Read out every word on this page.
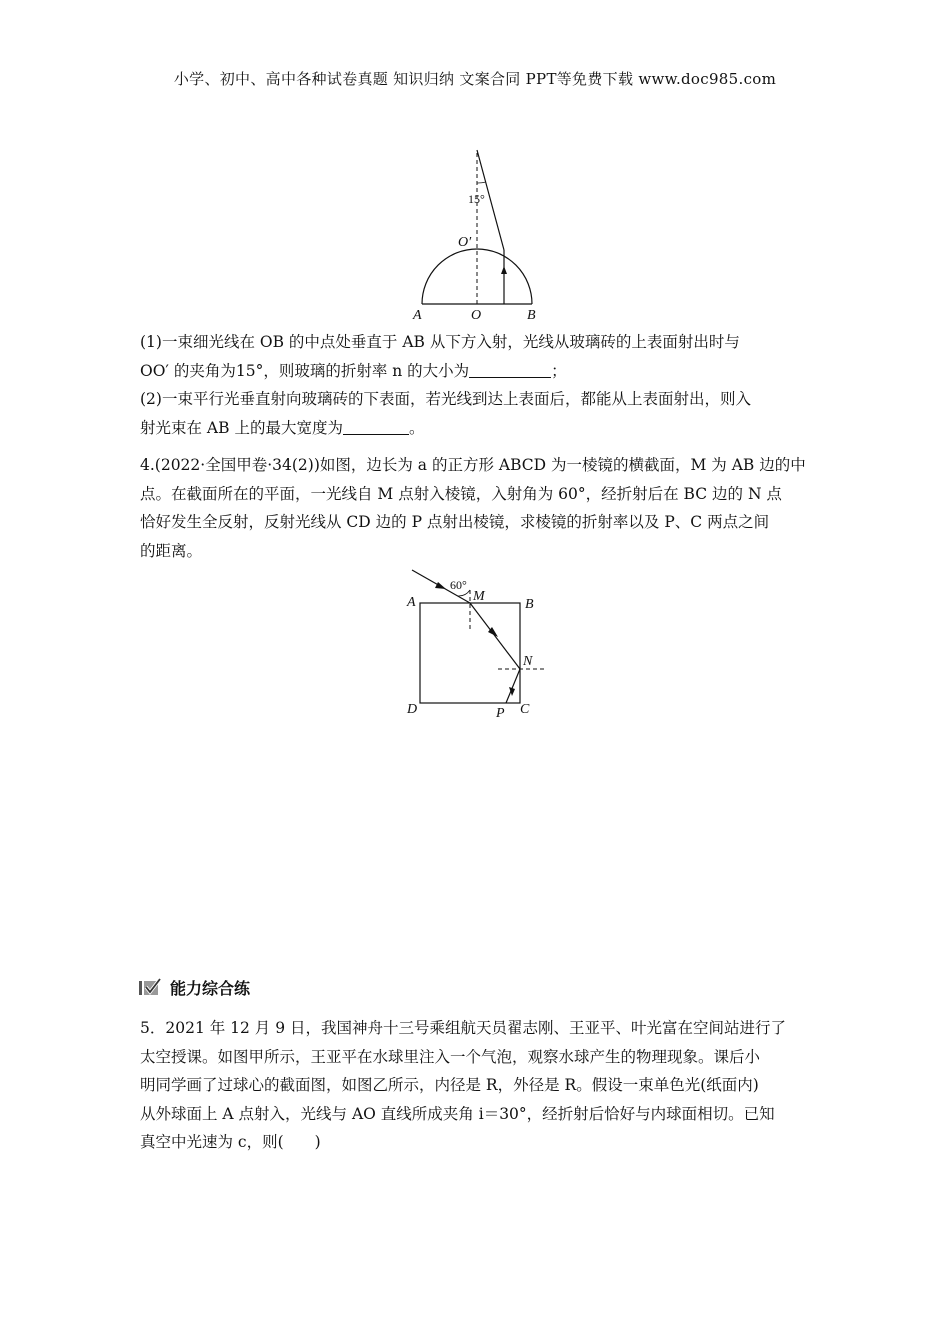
小学、初中、高中各种试卷真题 知识归纳 文案合同 PPT等免费下载 www.doc985.com
15°
O′
A	O	B
(1)一束细光线在 OB 的中点处垂直于 AB 从下方入射，光线从玻璃砖的上表面射出时与
OO′ 的夹角为15°，则玻璃的折射率 n 的大小为	；
(2)一束平行光垂直射向玻璃砖的下表面，若光线到达上表面后，都能从上表面射出，则入
射光束在 AB 上的最大宽度为	。
4.(2022·全国甲卷·34(2))如图，边长为 a 的正方形 ABCD 为一棱镜的横截面，M 为 AB 边的中
点。在截面所在的平面，一光线自 M 点射入棱镜，入射角为 60°，经折射后在 BC 边的 N 点
恰好发生全反射，反射光线从 CD 边的 P 点射出棱镜，求棱镜的折射率以及 P、C 两点之间
的距离。
60°
A	M
B
N
D	P C
能力综合练
5．2021 年 12 月 9 日，我国神舟十三号乘组航天员翟志刚、王亚平、叶光富在空间站进行了
太空授课。如图甲所示，王亚平在水球里注入一个气泡，观察水球产生的物理现象。课后小
明同学画了过球心的截面图，如图乙所示，内径是 R，外径是 R。假设一束单色光(纸面内)
从外球面上 A 点射入，光线与 AO 直线所成夹角 i＝30°，经折射后恰好与内球面相切。已知
真空中光速为 c，则(　　)
